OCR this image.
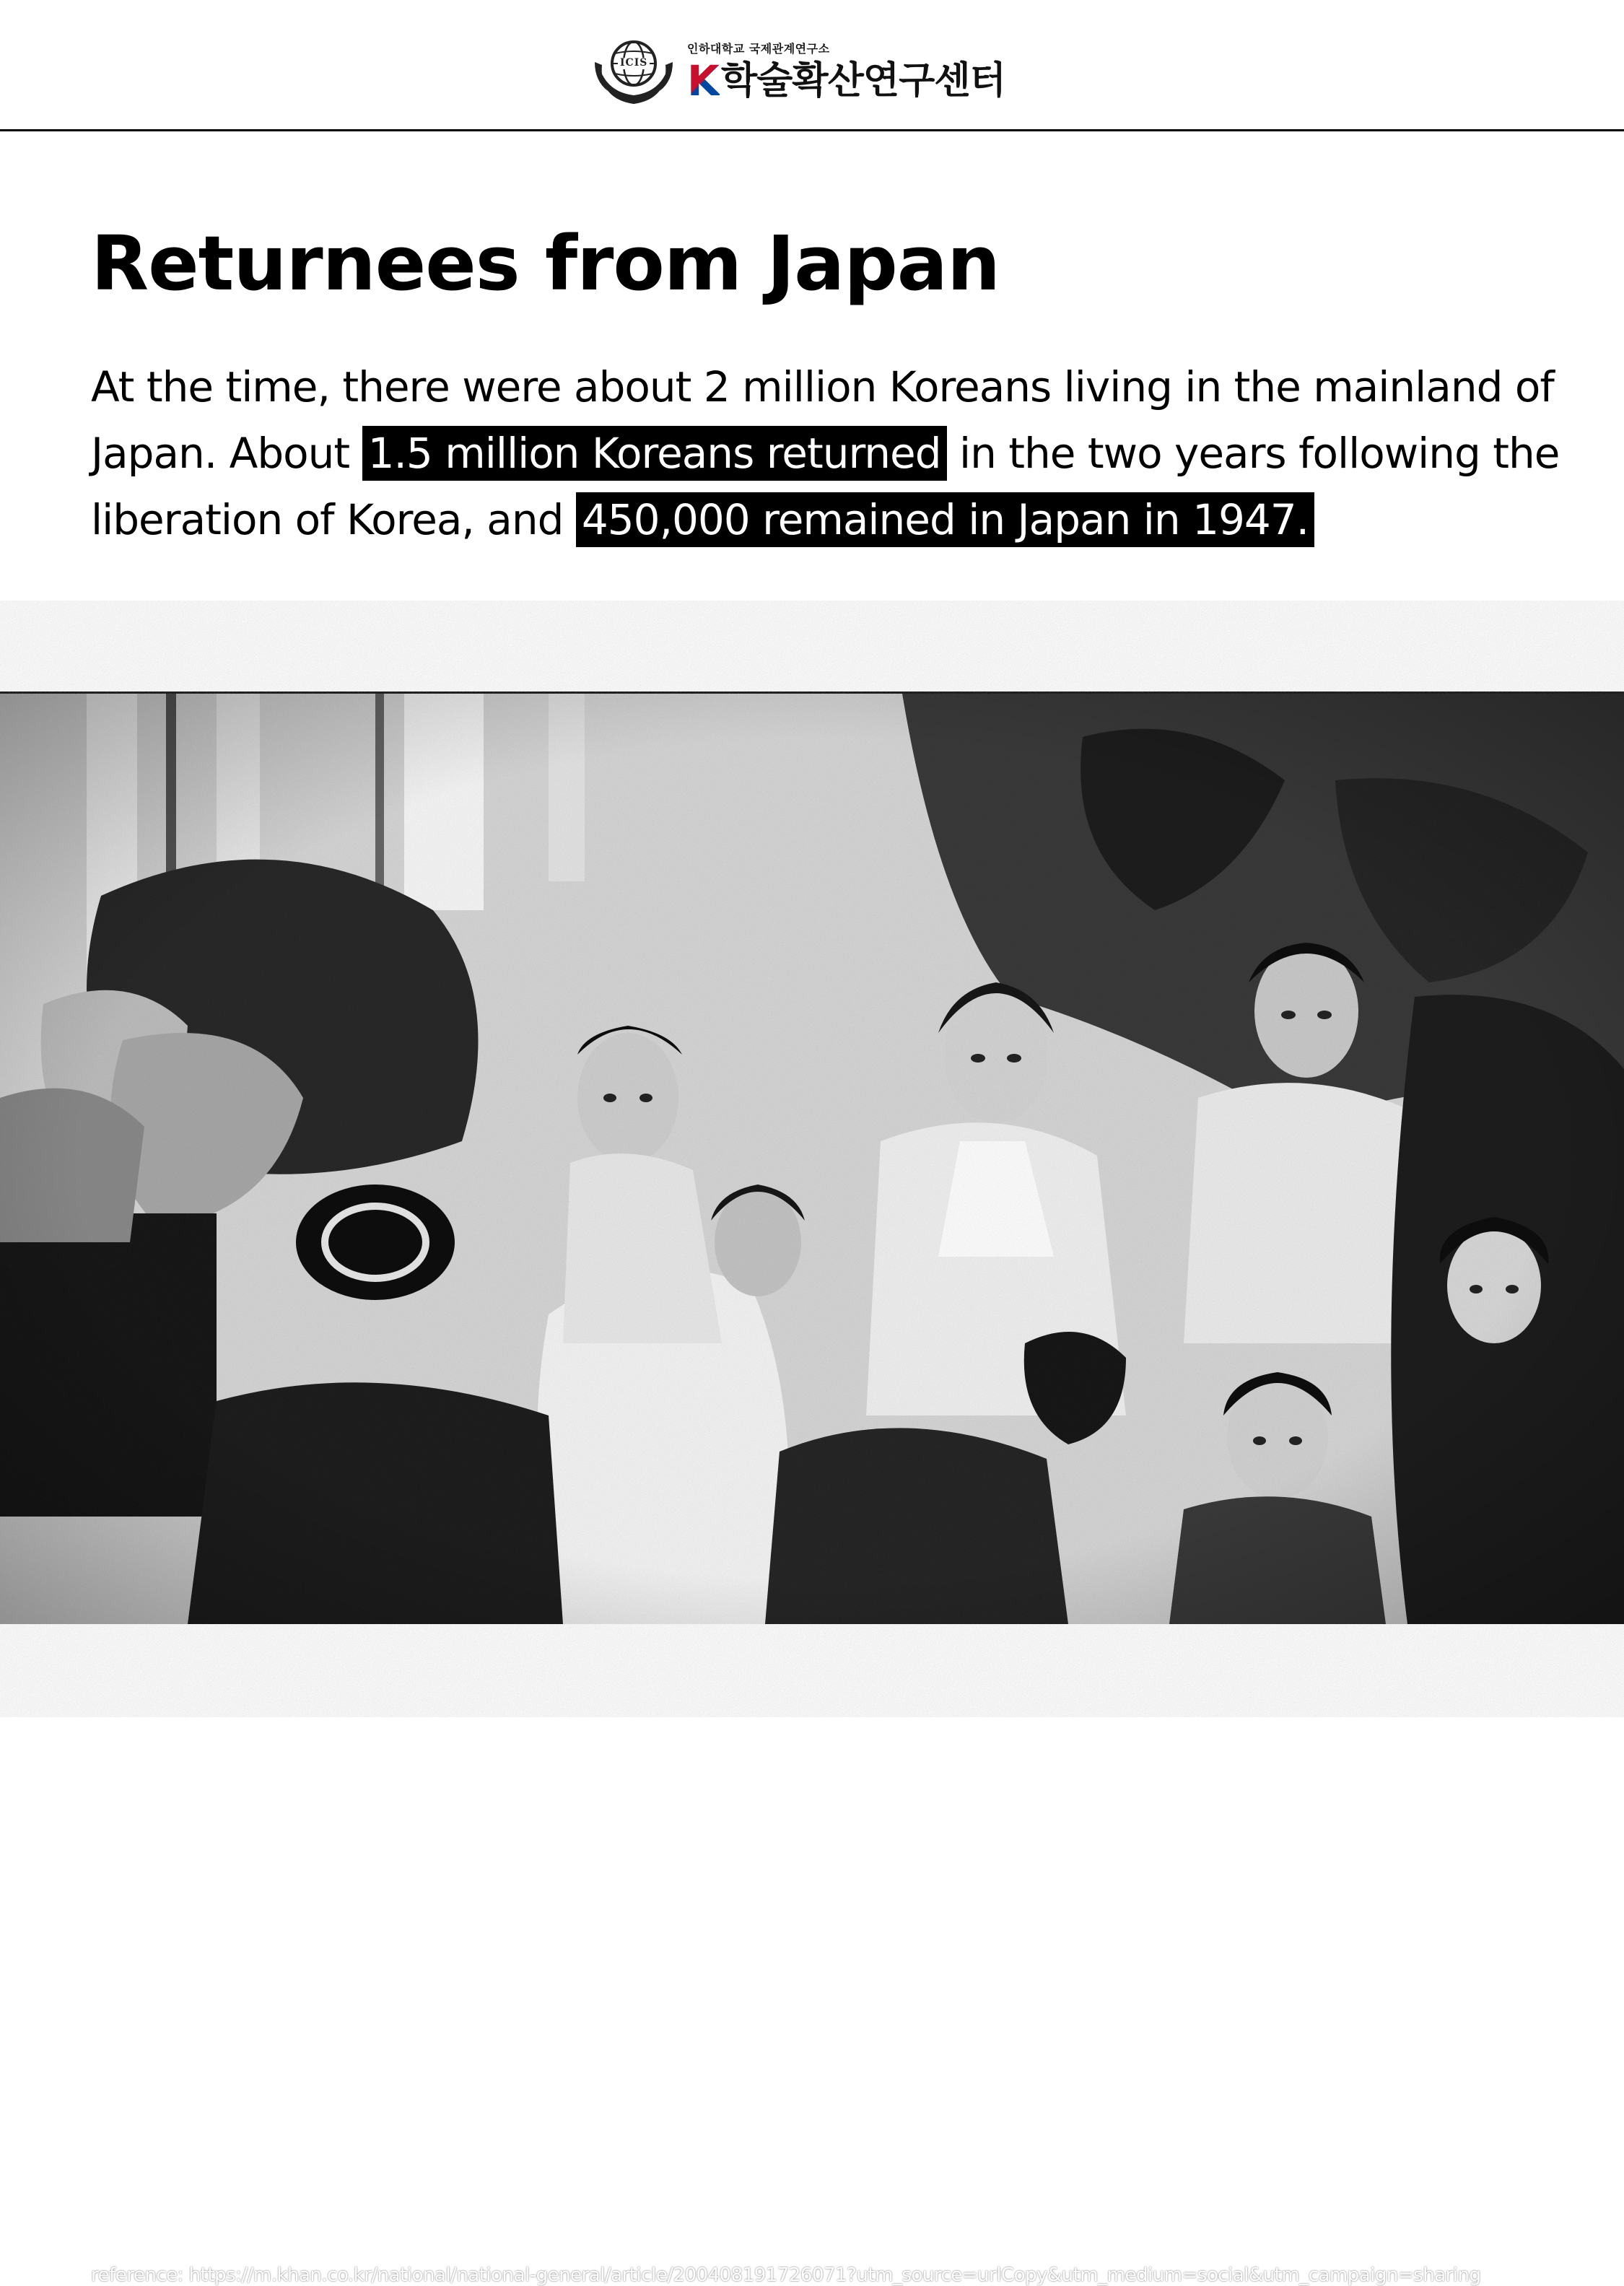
ICIS
인하대학교 국제관계연구소
K학술확산연구센터
Returnees from Japan

At the time, there were about 2 million Koreans living in the mainland of Japan. About 1.5 million Koreans returned in the two years following the liberation of Korea, and 450,000 remained in Japan in 1947.

reference: https://m.khan.co.kr/national/national-general/article/200408191726071?utm_source=urlCopy&utm_medium=social&utm_campaign=sharing
